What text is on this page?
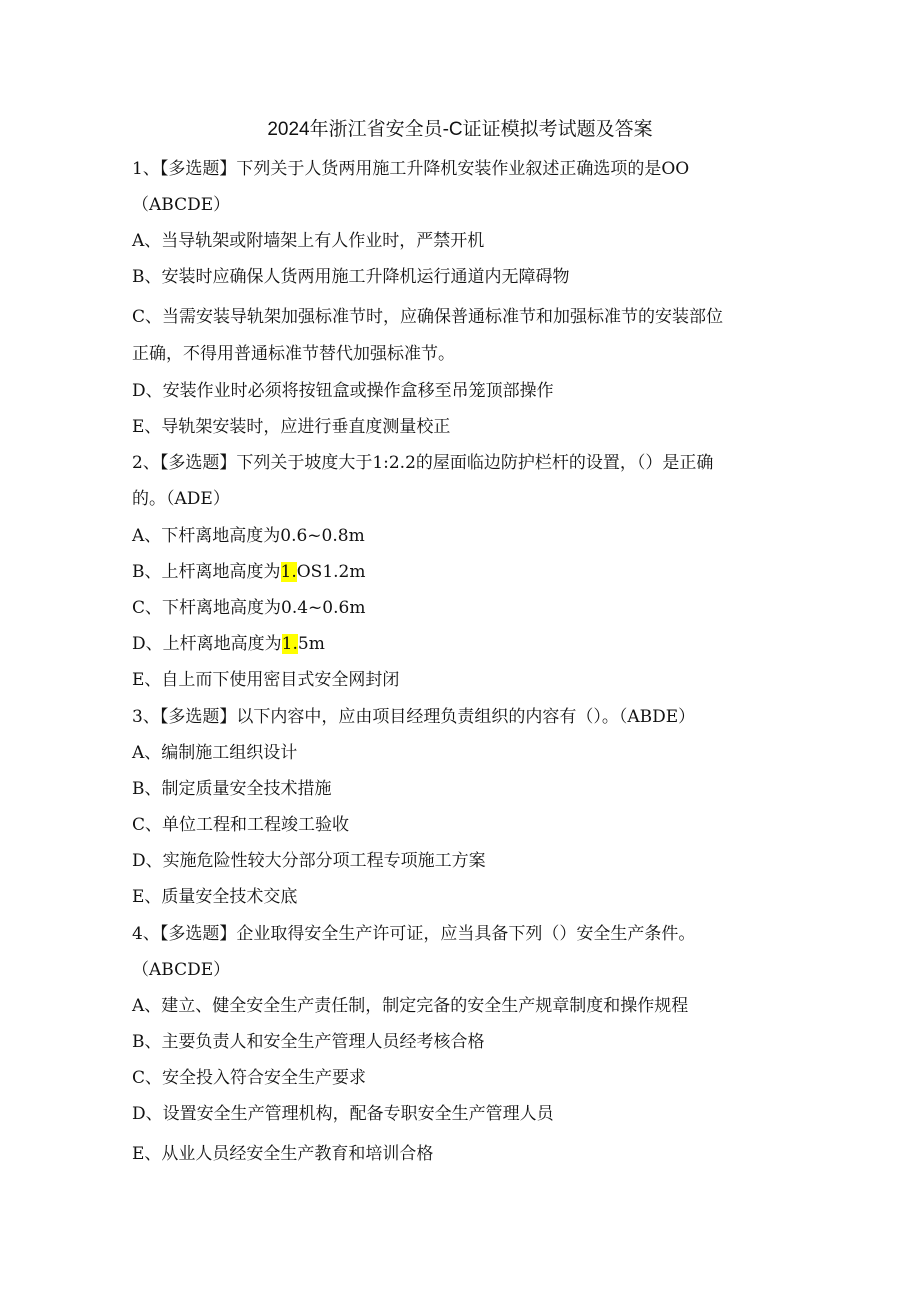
2024年浙江省安全员-C证证模拟考试题及答案
1、【多选题】下列关于人货两用施工升降机安装作业叙述正确选项的是OO
（ABCDE）
A、当导轨架或附墙架上有人作业时，严禁开机
B、安装时应确保人货两用施工升降机运行通道内无障碍物
C、当需安装导轨架加强标准节时，应确保普通标准节和加强标准节的安装部位
正确，不得用普通标准节替代加强标准节。
D、安装作业时必须将按钮盒或操作盒移至吊笼顶部操作
E、导轨架安装时，应进行垂直度测量校正
2、【多选题】下列关于坡度大于1:2.2的屋面临边防护栏杆的设置，（）是正确
的。（ADE）
A、下杆离地高度为0.6~0.8m
B、上杆离地高度为1.OS1.2m
C、下杆离地高度为0.4~0.6m
D、上杆离地高度为1.5m
E、自上而下使用密目式安全网封闭
3、【多选题】以下内容中，应由项目经理负责组织的内容有（）。（ABDE）
A、编制施工组织设计
B、制定质量安全技术措施
C、单位工程和工程竣工验收
D、实施危险性较大分部分项工程专项施工方案
E、质量安全技术交底
4、【多选题】企业取得安全生产许可证，应当具备下列（）安全生产条件。
（ABCDE）
A、建立、健全安全生产责任制，制定完备的安全生产规章制度和操作规程
B、主要负责人和安全生产管理人员经考核合格
C、安全投入符合安全生产要求
D、设置安全生产管理机构，配备专职安全生产管理人员
E、从业人员经安全生产教育和培训合格
